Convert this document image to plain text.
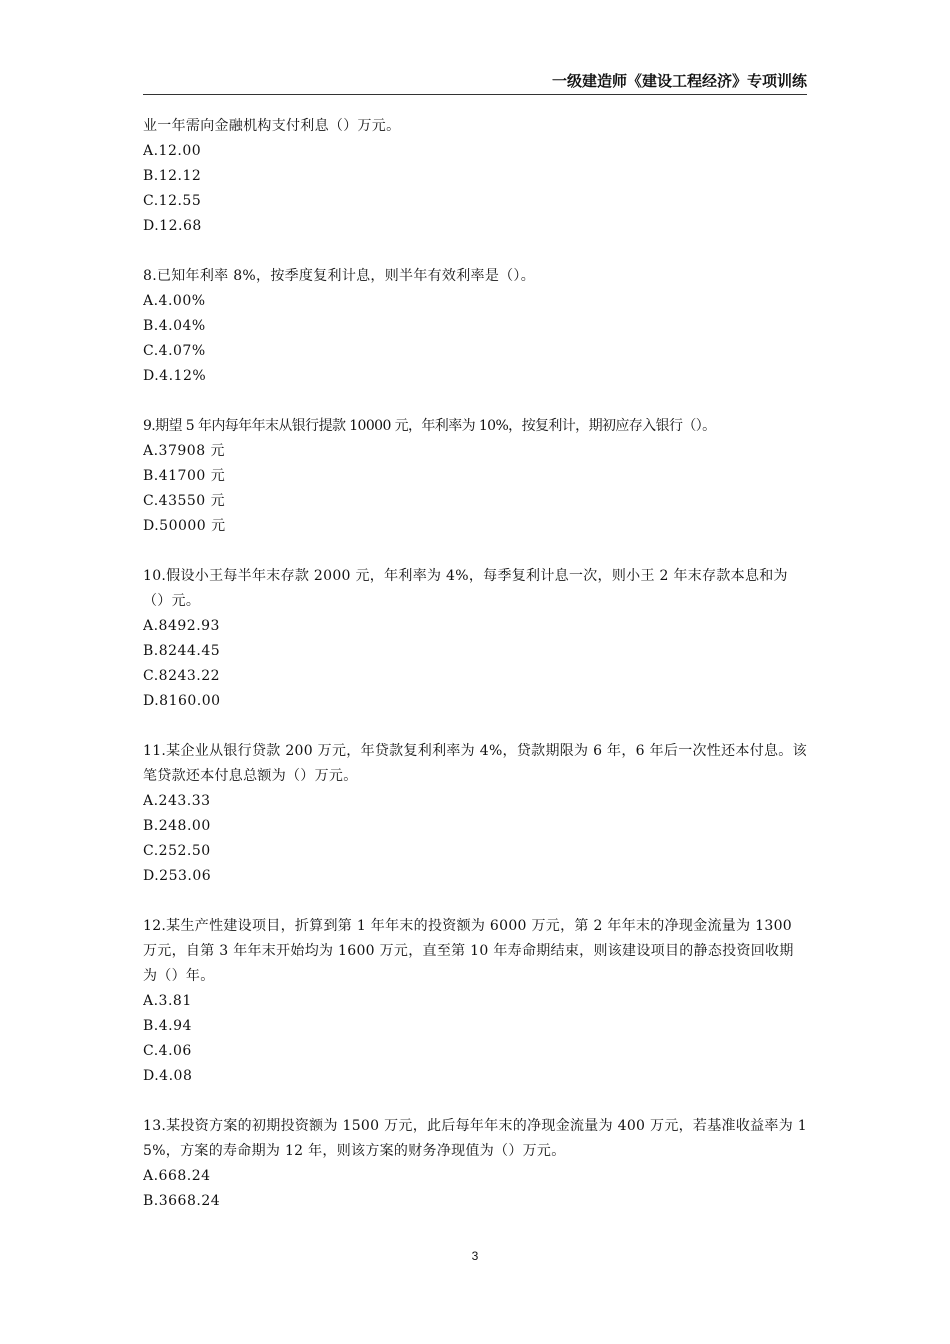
一级建造师《建设工程经济》专项训练
业一年需向金融机构支付利息（）万元。
A.12.00
B.12.12
C.12.55
D.12.68
8.已知年利率 8%，按季度复利计息，则半年有效利率是（）。
A.4.00%
B.4.04%
C.4.07%
D.4.12%
9.期望 5 年内每年年末从银行提款 10000 元，年利率为 10%，按复利计，期初应存入银行（）。
A.37908 元
B.41700 元
C.43550 元
D.50000 元
10.假设小王每半年末存款 2000 元，年利率为 4%，每季复利计息一次，则小王 2 年末存款本息和为（）元。
A.8492.93
B.8244.45
C.8243.22
D.8160.00
11.某企业从银行贷款 200 万元，年贷款复利利率为 4%，贷款期限为 6 年，6 年后一次性还本付息。该笔贷款还本付息总额为（）万元。
A.243.33
B.248.00
C.252.50
D.253.06
12.某生产性建设项目，折算到第 1 年年末的投资额为 6000 万元，第 2 年年末的净现金流量为 1300 万元，自第 3 年年末开始均为 1600 万元，直至第 10 年寿命期结束，则该建设项目的静态投资回收期为（）年。
A.3.81
B.4.94
C.4.06
D.4.08
13.某投资方案的初期投资额为 1500 万元，此后每年年末的净现金流量为 400 万元，若基准收益率为 15%，方案的寿命期为 12 年，则该方案的财务净现值为（）万元。
A.668.24
B.3668.24
3
